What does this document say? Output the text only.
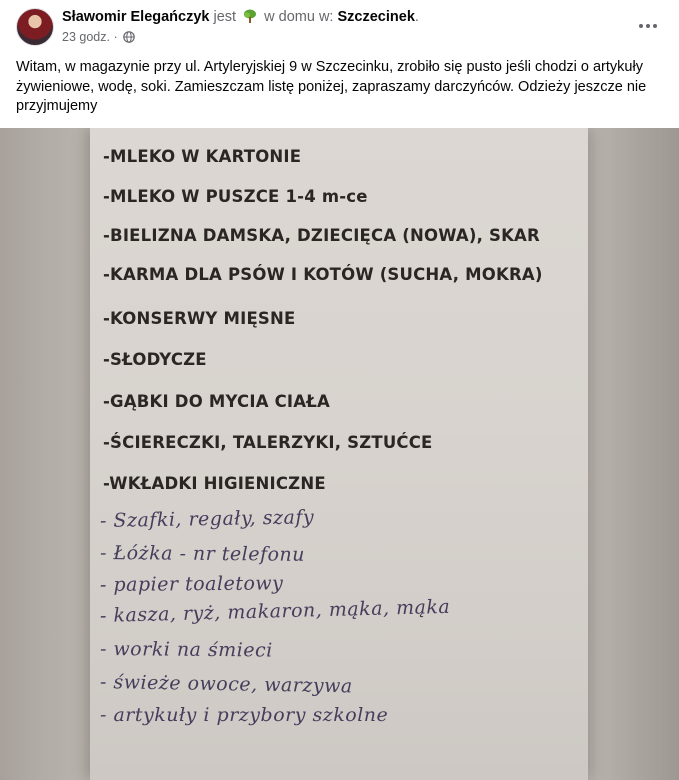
Sławomir Elegańczyk jest w domu w: Szczecinek.
23 godz. ·
Witam, w magazynie przy ul. Artyleryjskiej 9 w Szczecinku, zrobiło się pusto jeśli chodzi o artykuły żywieniowe, wodę, soki. Zamieszczam listę poniżej, zapraszamy darczyńców. Odzieży jeszcze nie przyjmujemy
-MLEKO W KARTONIE
-MLEKO W PUSZCE 1-4 m-ce
-BIELIZNA DAMSKA, DZIECIĘCA (NOWA), SKAR
-KARMA DLA PSÓW I KOTÓW (SUCHA, MOKRA)
-KONSERWY MIĘSNE
-SŁODYCZE
-GĄBKI DO MYCIA CIAŁA
-ŚCIERECZKI, TALERZYKI, SZTUĆCE
-WKŁADKI HIGIENICZNE
- Szafki, regały, szafy
- Łóżka - nr telefonu
- papier toaletowy
- kasza, ryż, makaron, mąka, mąka
- worki na śmieci
- świeże owoce, warzywa
- artykuły i przybory szkolne
